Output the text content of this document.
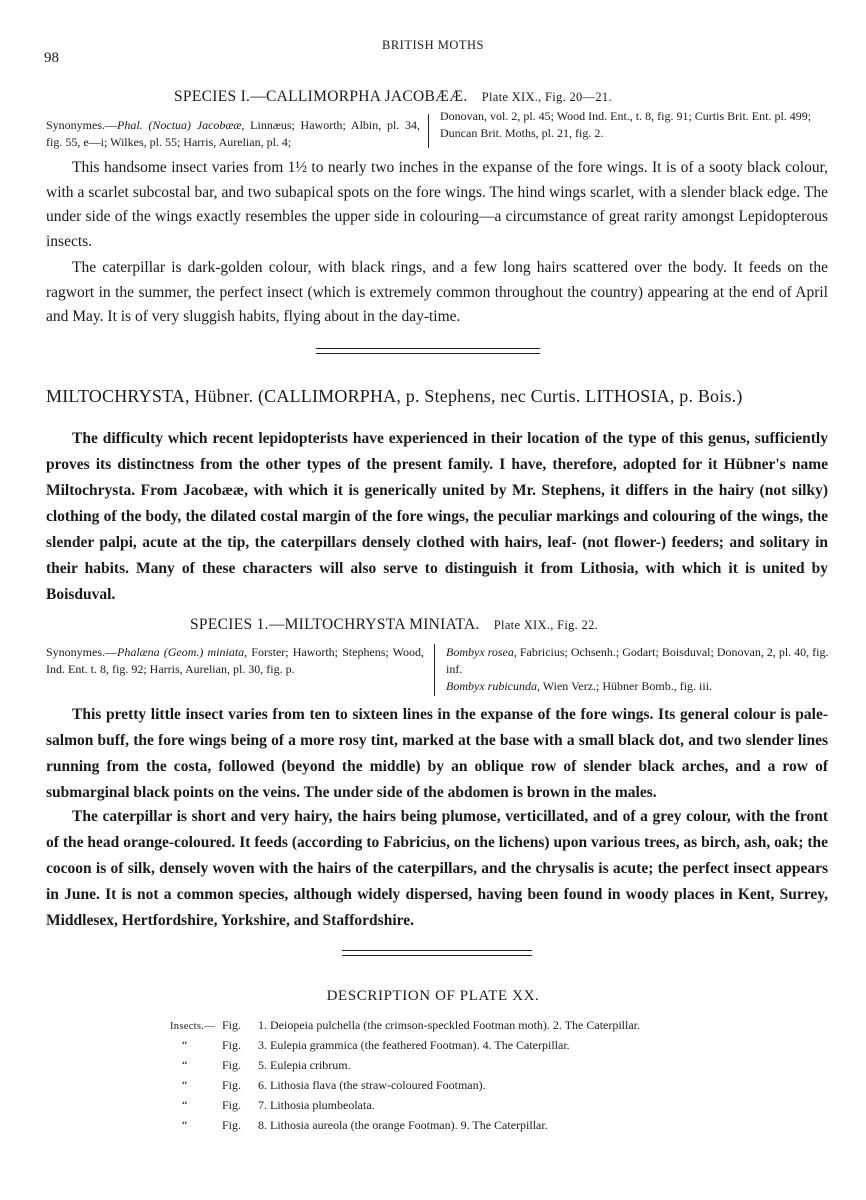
98
BRITISH MOTHS
SPECIES I.—CALLIMORPHA JACOBÆÆ. Plate XIX., Fig. 20—21.
Synonymes.—Phal. (Noctua) Jacobææ, Linnæus; Haworth; Albin, pl. 34, fig. 55, e—i; Wilkes, pl. 55; Harris, Aurelian, pl. 4;
Donovan, vol. 2, pl. 45; Wood Ind. Ent., t. 8, fig. 91; Curtis Brit. Ent. pl. 499; Duncan Brit. Moths, pl. 21, fig. 2.

This handsome insect varies from 1½ to nearly two inches in the expanse of the fore wings. It is of a sooty black colour, with a scarlet subcostal bar, and two subapical spots on the fore wings. The hind wings scarlet, with a slender black edge. The under side of the wings exactly resembles the upper side in colouring—a circumstance of great rarity amongst Lepidopterous insects.

The caterpillar is dark-golden colour, with black rings, and a few long hairs scattered over the body. It feeds on the ragwort in the summer, the perfect insect (which is extremely common throughout the country) appearing at the end of April and May. It is of very sluggish habits, flying about in the day-time.

MILTOCHRYSTA, Hübner. (CALLIMORPHA, p. Stephens, nec Curtis. LITHOSIA, p. Bois.)

The difficulty which recent lepidopterists have experienced in their location of the type of this genus, sufficiently proves its distinctness from the other types of the present family. I have, therefore, adopted for it Hübner's name Miltochrysta. From Jacobææ, with which it is generically united by Mr. Stephens, it differs in the hairy (not silky) clothing of the body, the dilated costal margin of the fore wings, the peculiar markings and colouring of the wings, the slender palpi, acute at the tip, the caterpillars densely clothed with hairs, leaf- (not flower-) feeders; and solitary in their habits. Many of these characters will also serve to distinguish it from Lithosia, with which it is united by Boisduval.

SPECIES 1.—MILTOCHRYSTA MINIATA. Plate XIX., Fig. 22.
Synonymes.—Phalæna (Geom.) miniata, Forster; Haworth; Stephens; Wood, Ind. Ent. t. 8, fig. 92; Harris, Aurelian, pl. 30, fig. p.
Bombyx rosea, Fabricius; Ochsenh.; Godart; Boisduval; Donovan, 2, pl. 40, fig. inf.
Bombyx rubicunda, Wien Verz.; Hübner Bomb., fig. iii.

This pretty little insect varies from ten to sixteen lines in the expanse of the fore wings. Its general colour is pale-salmon buff, the fore wings being of a more rosy tint, marked at the base with a small black dot, and two slender lines running from the costa, followed (beyond the middle) by an oblique row of slender black arches, and a row of submarginal black points on the veins. The under side of the abdomen is brown in the males.

The caterpillar is short and very hairy, the hairs being plumose, verticillated, and of a grey colour, with the front of the head orange-coloured. It feeds (according to Fabricius, on the lichens) upon various trees, as birch, ash, oak; the cocoon is of silk, densely woven with the hairs of the caterpillars, and the chrysalis is acute; the perfect insect appears in June. It is not a common species, although widely dispersed, having been found in woody places in Kent, Surrey, Middlesex, Hertfordshire, Yorkshire, and Staffordshire.

DESCRIPTION OF PLATE XX.
Insects.— Fig. 1. Deiopeia pulchella (the crimson-speckled Footman moth). 2. The Caterpillar.
“	Fig. 3. Eulepia grammica (the feathered Footman). 4. The Caterpillar.
“	Fig. 5. Eulepia cribrum.
“	Fig. 6. Lithosia flava (the straw-coloured Footman).
“	Fig. 7. Lithosia plumbeolata.
“	Fig. 8. Lithosia aureola (the orange Footman). 9. The Caterpillar.
